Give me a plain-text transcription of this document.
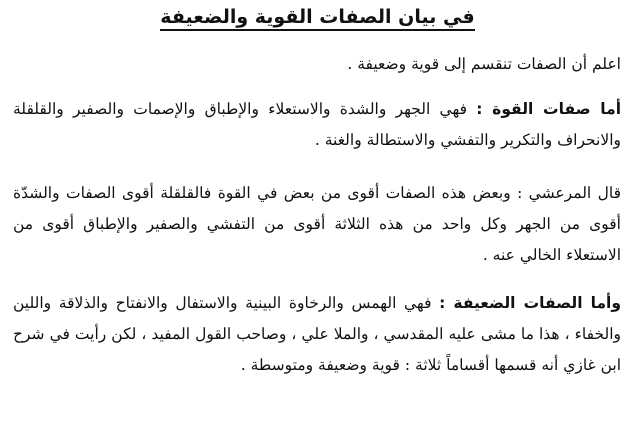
في بيان الصفات القوية والضعيفة

اعلم أن الصفات تنقسم إلى قوية وضعيفة .

أما صفات القوة : فهي الجهر والشدة والاستعلاء والإطباق والإصمات والصفير والقلقلة والانحراف والتكرير والتفشي والاستطالة والغنة .

قال المرعشي : وبعض هذه الصفات أقوى من بعض في القوة فالقلقلة أقوى الصفات والشدّة أقوى من الجهر وكل واحد من هذه الثلاثة أقوى من التفشي والصفير والإطباق أقوى من الاستعلاء الخالي عنه .

وأما الصفات الضعيفة : فهي الهمس والرخاوة البينية والاستفال والانفتاح والذلاقة واللين والخفاء ، هذا ما مشى عليه المقدسي ، والملا علي ، وصاحب القول المفيد ، لكن رأيت في شرح ابن غازي أنه قسمها أقساماً ثلاثة : قوية وضعيفة ومتوسطة .
